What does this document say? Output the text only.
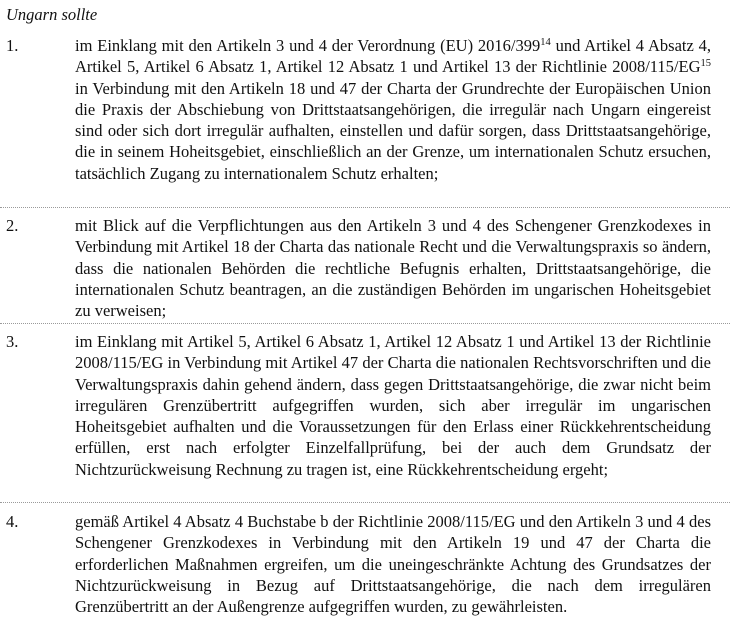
Ungarn sollte

1.	im Einklang mit den Artikeln 3 und 4 der Verordnung (EU) $2016/399^{14}$ und Artikel 4 Absatz 4, Artikel 5, Artikel 6 Absatz 1, Artikel 12 Absatz 1 und Artikel 13 der Richtlinie 2008/115/EG$^{15}$ in Verbindung mit den Artikeln 18 und 47 der Charta der Grundrechte der Europäischen Union die Praxis der Abschiebung von Drittstaatsangehörigen, die irregulär nach Ungarn eingereist sind oder sich dort irregulär aufhalten, einstellen und dafür sorgen, dass Drittstaatsangehörige, die in seinem Hoheitsgebiet, einschließlich an der Grenze, um internationalen Schutz ersuchen, tatsächlich Zugang zu internationalem Schutz erhalten;

2.	mit Blick auf die Verpflichtungen aus den Artikeln 3 und 4 des Schengener Grenzkodexes in Verbindung mit Artikel 18 der Charta das nationale Recht und die Verwaltungspraxis so ändern, dass die nationalen Behörden die rechtliche Befugnis erhalten, Drittstaatsangehörige, die internationalen Schutz beantragen, an die zuständigen Behörden im ungarischen Hoheitsgebiet zu verweisen;

3.	im Einklang mit Artikel 5, Artikel 6 Absatz 1, Artikel 12 Absatz 1 und Artikel 13 der Richtlinie 2008/115/EG in Verbindung mit Artikel 47 der Charta die nationalen Rechtsvorschriften und die Verwaltungspraxis dahin gehend ändern, dass gegen Drittstaatsangehörige, die zwar nicht beim irregulären Grenzübertritt aufgegriffen wurden, sich aber irregulär im ungarischen Hoheitsgebiet aufhalten und die Voraussetzungen für den Erlass einer Rückkehrentscheidung erfüllen, erst nach erfolgter Einzelfallprüfung, bei der auch dem Grundsatz der Nichtzurückweisung Rechnung zu tragen ist, eine Rückkehrentscheidung ergeht;

4.	gemäß Artikel 4 Absatz 4 Buchstabe b der Richtlinie 2008/115/EG und den Artikeln 3 und 4 des Schengener Grenzkodexes in Verbindung mit den Artikeln 19 und 47 der Charta die erforderlichen Maßnahmen ergreifen, um die uneingeschränkte Achtung des Grundsatzes der Nichtzurückweisung in Bezug auf Drittstaatsangehörige, die nach dem irregulären Grenzübertritt an der Außengrenze aufgegriffen wurden, zu gewährleisten.
